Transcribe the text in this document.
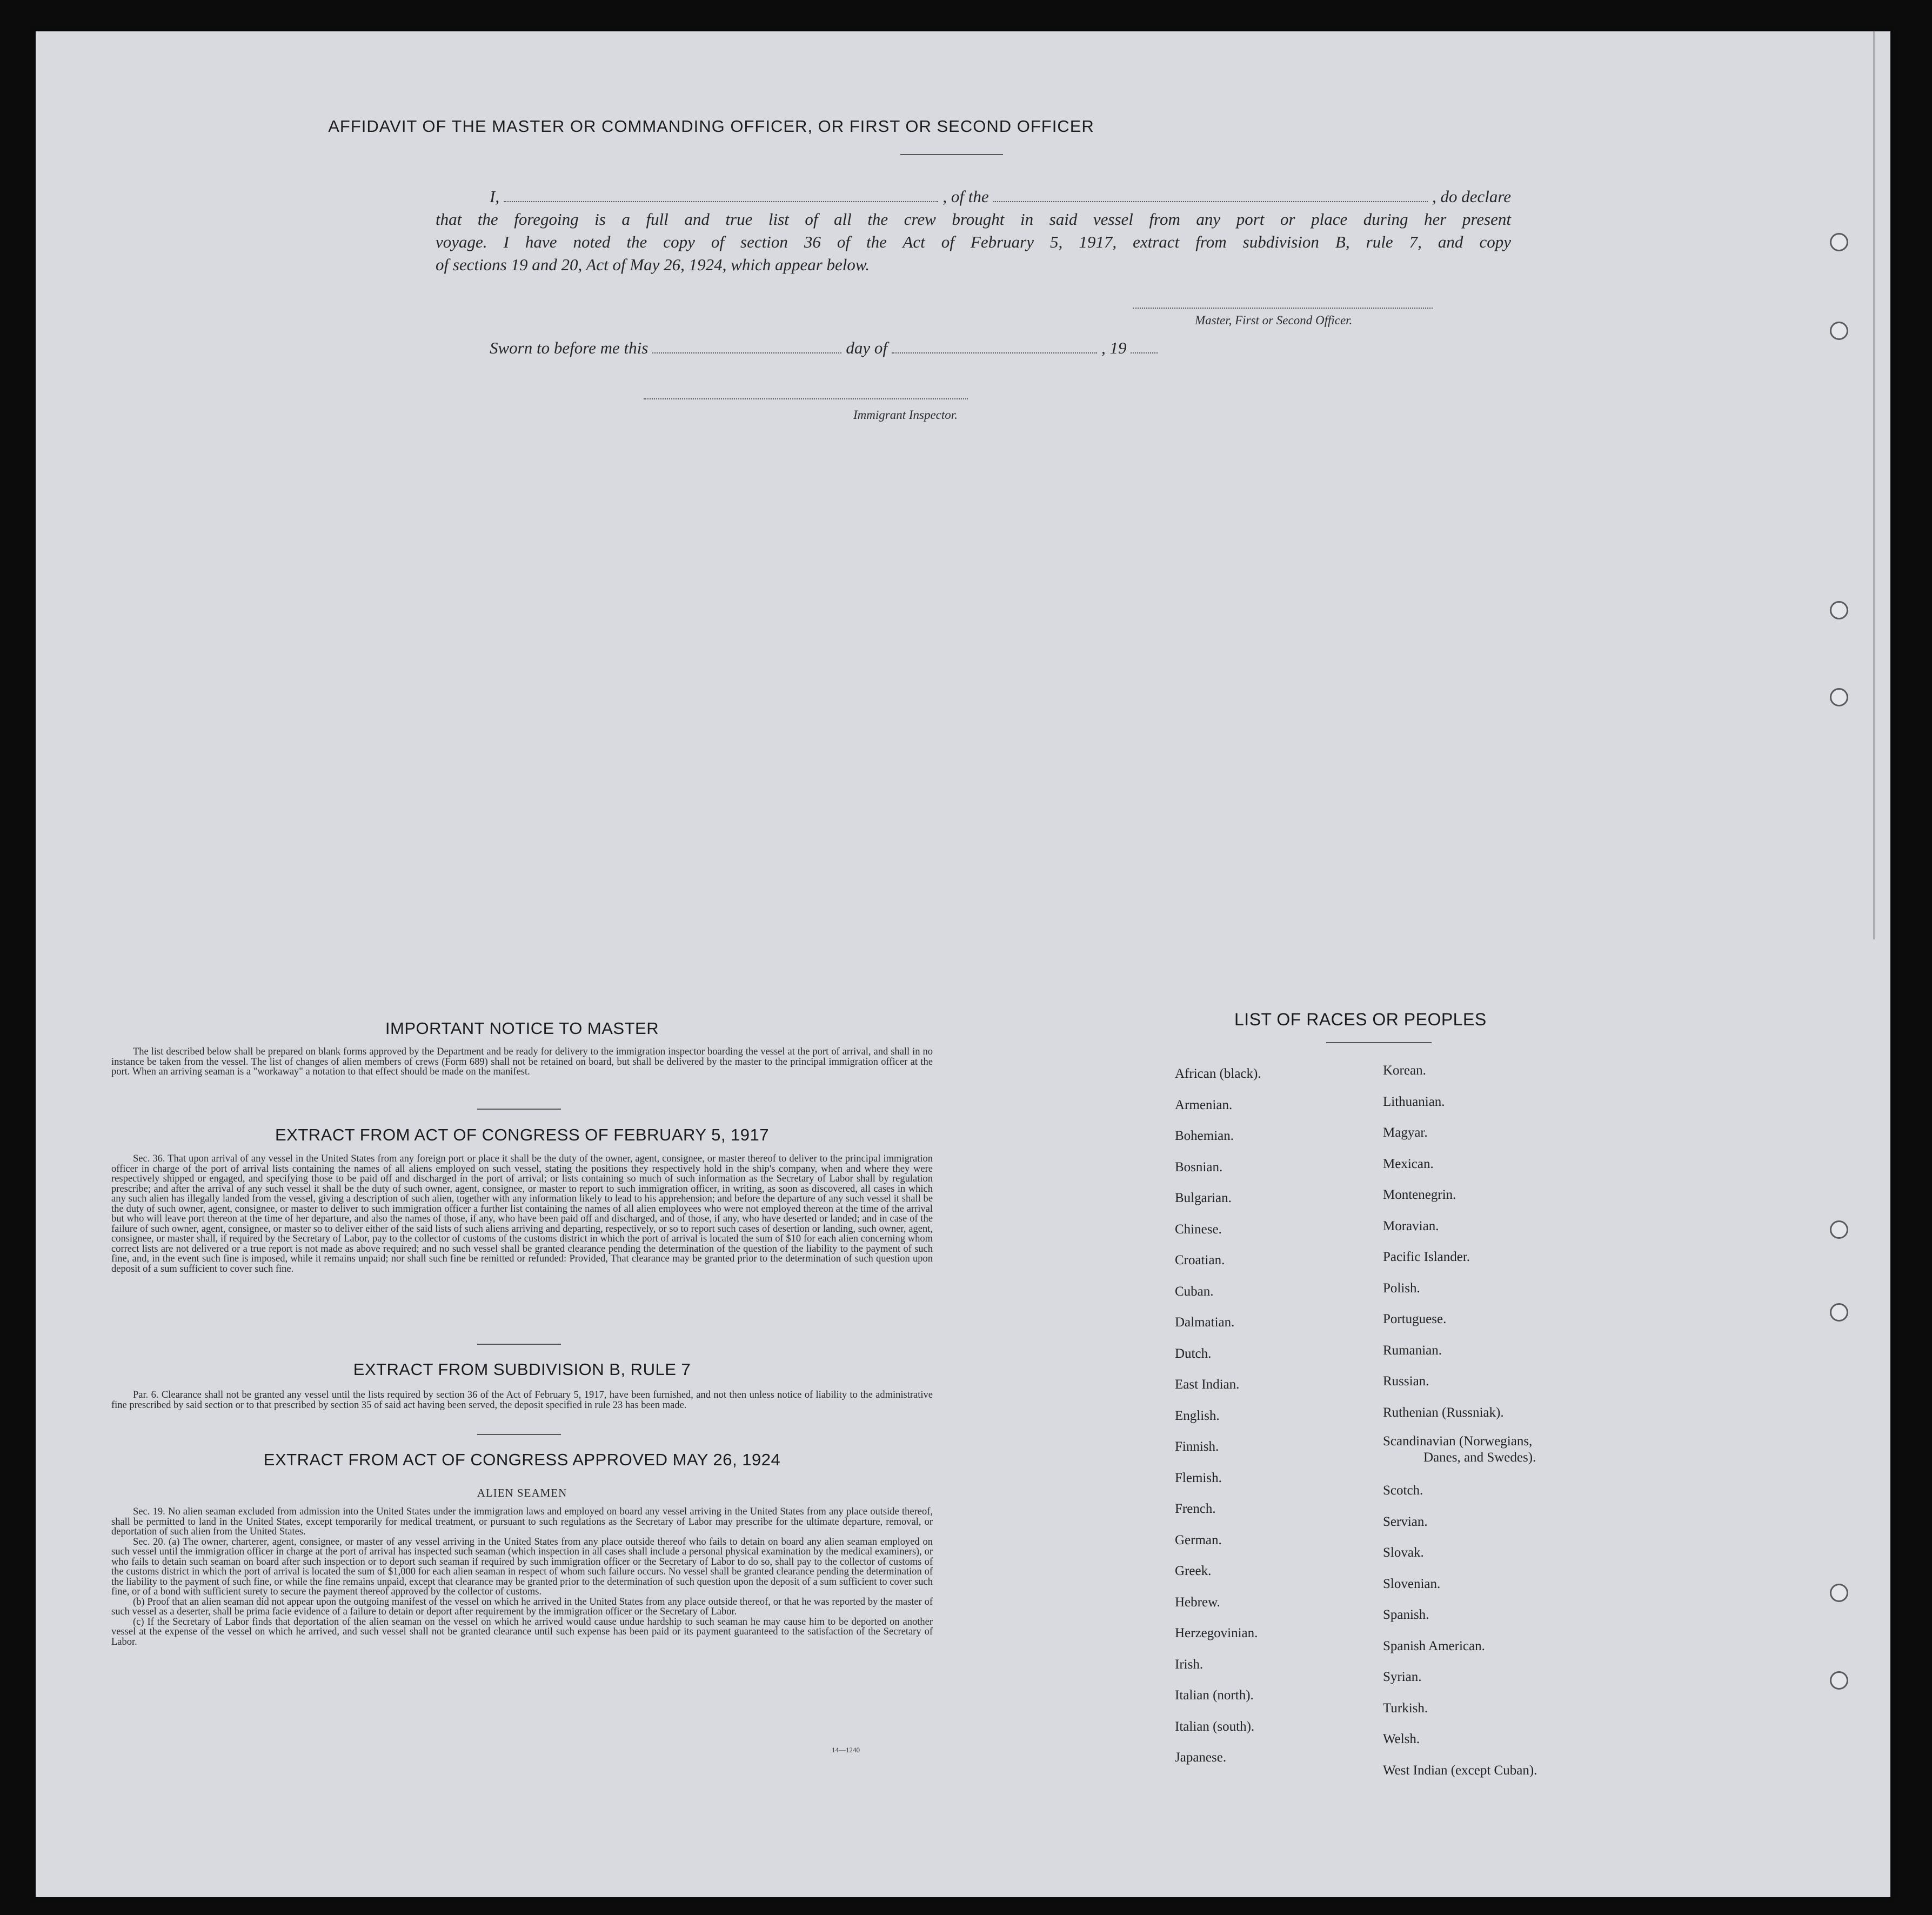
AFFIDAVIT OF THE MASTER OR COMMANDING OFFICER, OR FIRST OR SECOND OFFICER
I,	, of the	, do declare
that the foregoing is a full and true list of all the crew brought in said vessel from any port or place during her present
voyage. I have noted the copy of section 36 of the Act of February 5, 1917, extract from subdivision B, rule 7, and copy
of sections 19 and 20, Act of May 26, 1924, which appear below.
Master, First or Second Officer.
Sworn to before me this	day of	, 19
Immigrant Inspector.
IMPORTANT NOTICE TO MASTER

The list described below shall be prepared on blank forms approved by the Department and be ready for delivery to the immigration inspector boarding the vessel at the port of arrival, and shall in no instance be taken from the vessel. The list of changes of alien members of crews (Form 689) shall not be retained on board, but shall be delivered by the master to the principal immigration officer at the port. When an arriving seaman is a "workaway" a notation to that effect should be made on the manifest.

EXTRACT FROM ACT OF CONGRESS OF FEBRUARY 5, 1917

Sec. 36. That upon arrival of any vessel in the United States from any foreign port or place it shall be the duty of the owner, agent, consignee, or master thereof to deliver to the principal immigration officer in charge of the port of arrival lists containing the names of all aliens employed on such vessel, stating the positions they respectively hold in the ship's company, when and where they were respectively shipped or engaged, and specifying those to be paid off and discharged in the port of arrival; or lists containing so much of such information as the Secretary of Labor shall by regulation prescribe; and after the arrival of any such vessel it shall be the duty of such owner, agent, consignee, or master to report to such immigration officer, in writing, as soon as discovered, all cases in which any such alien has illegally landed from the vessel, giving a description of such alien, together with any information likely to lead to his apprehension; and before the departure of any such vessel it shall be the duty of such owner, agent, consignee, or master to deliver to such immigration officer a further list containing the names of all alien employees who were not employed thereon at the time of the arrival but who will leave port thereon at the time of her departure, and also the names of those, if any, who have been paid off and discharged, and of those, if any, who have deserted or landed; and in case of the failure of such owner, agent, consignee, or master so to deliver either of the said lists of such aliens arriving and departing, respectively, or so to report such cases of desertion or landing, such owner, agent, consignee, or master shall, if required by the Secretary of Labor, pay to the collector of customs of the customs district in which the port of arrival is located the sum of $10 for each alien concerning whom correct lists are not delivered or a true report is not made as above required; and no such vessel shall be granted clearance pending the determination of the question of the liability to the payment of such fine, and, in the event such fine is imposed, while it remains unpaid; nor shall such fine be remitted or refunded: Provided, That clearance may be granted prior to the determination of such question upon deposit of a sum sufficient to cover such fine.

EXTRACT FROM SUBDIVISION B, RULE 7

Par. 6. Clearance shall not be granted any vessel until the lists required by section 36 of the Act of February 5, 1917, have been furnished, and not then unless notice of liability to the administrative fine prescribed by said section or to that prescribed by section 35 of said act having been served, the deposit specified in rule 23 has been made.

EXTRACT FROM ACT OF CONGRESS APPROVED MAY 26, 1924
ALIEN SEAMEN

Sec. 19. No alien seaman excluded from admission into the United States under the immigration laws and employed on board any vessel arriving in the United States from any place outside thereof, shall be permitted to land in the United States, except temporarily for medical treatment, or pursuant to such regulations as the Secretary of Labor may prescribe for the ultimate departure, removal, or deportation of such alien from the United States.

Sec. 20. (a) The owner, charterer, agent, consignee, or master of any vessel arriving in the United States from any place outside thereof who fails to detain on board any alien seaman employed on such vessel until the immigration officer in charge at the port of arrival has inspected such seaman (which inspection in all cases shall include a personal physical examination by the medical examiners), or who fails to detain such seaman on board after such inspection or to deport such seaman if required by such immigration officer or the Secretary of Labor to do so, shall pay to the collector of customs of the customs district in which the port of arrival is located the sum of $1,000 for each alien seaman in respect of whom such failure occurs. No vessel shall be granted clearance pending the determination of the liability to the payment of such fine, or while the fine remains unpaid, except that clearance may be granted prior to the determination of such question upon the deposit of a sum sufficient to cover such fine, or of a bond with sufficient surety to secure the payment thereof approved by the collector of customs.

(b) Proof that an alien seaman did not appear upon the outgoing manifest of the vessel on which he arrived in the United States from any place outside thereof, or that he was reported by the master of such vessel as a deserter, shall be prima facie evidence of a failure to detain or deport after requirement by the immigration officer or the Secretary of Labor.

(c) If the Secretary of Labor finds that deportation of the alien seaman on the vessel on which he arrived would cause undue hardship to such seaman he may cause him to be deported on another vessel at the expense of the vessel on which he arrived, and such vessel shall not be granted clearance until such expense has been paid or its payment guaranteed to the satisfaction of the Secretary of Labor.

14—1240
LIST OF RACES OR PEOPLES
African (black).
Armenian.
Bohemian.
Bosnian.
Bulgarian.
Chinese.
Croatian.
Cuban.
Dalmatian.
Dutch.
East Indian.
English.
Finnish.
Flemish.
French.
German.
Greek.
Hebrew.
Herzegovinian.
Irish.
Italian (north).
Italian (south).
Japanese.
Korean.
Lithuanian.
Magyar.
Mexican.
Montenegrin.
Moravian.
Pacific Islander.
Polish.
Portuguese.
Rumanian.
Russian.
Ruthenian (Russniak).
Scandinavian (Norwegians,
Danes, and Swedes).
Scotch.
Servian.
Slovak.
Slovenian.
Spanish.
Spanish American.
Syrian.
Turkish.
Welsh.
West Indian (except Cuban).
